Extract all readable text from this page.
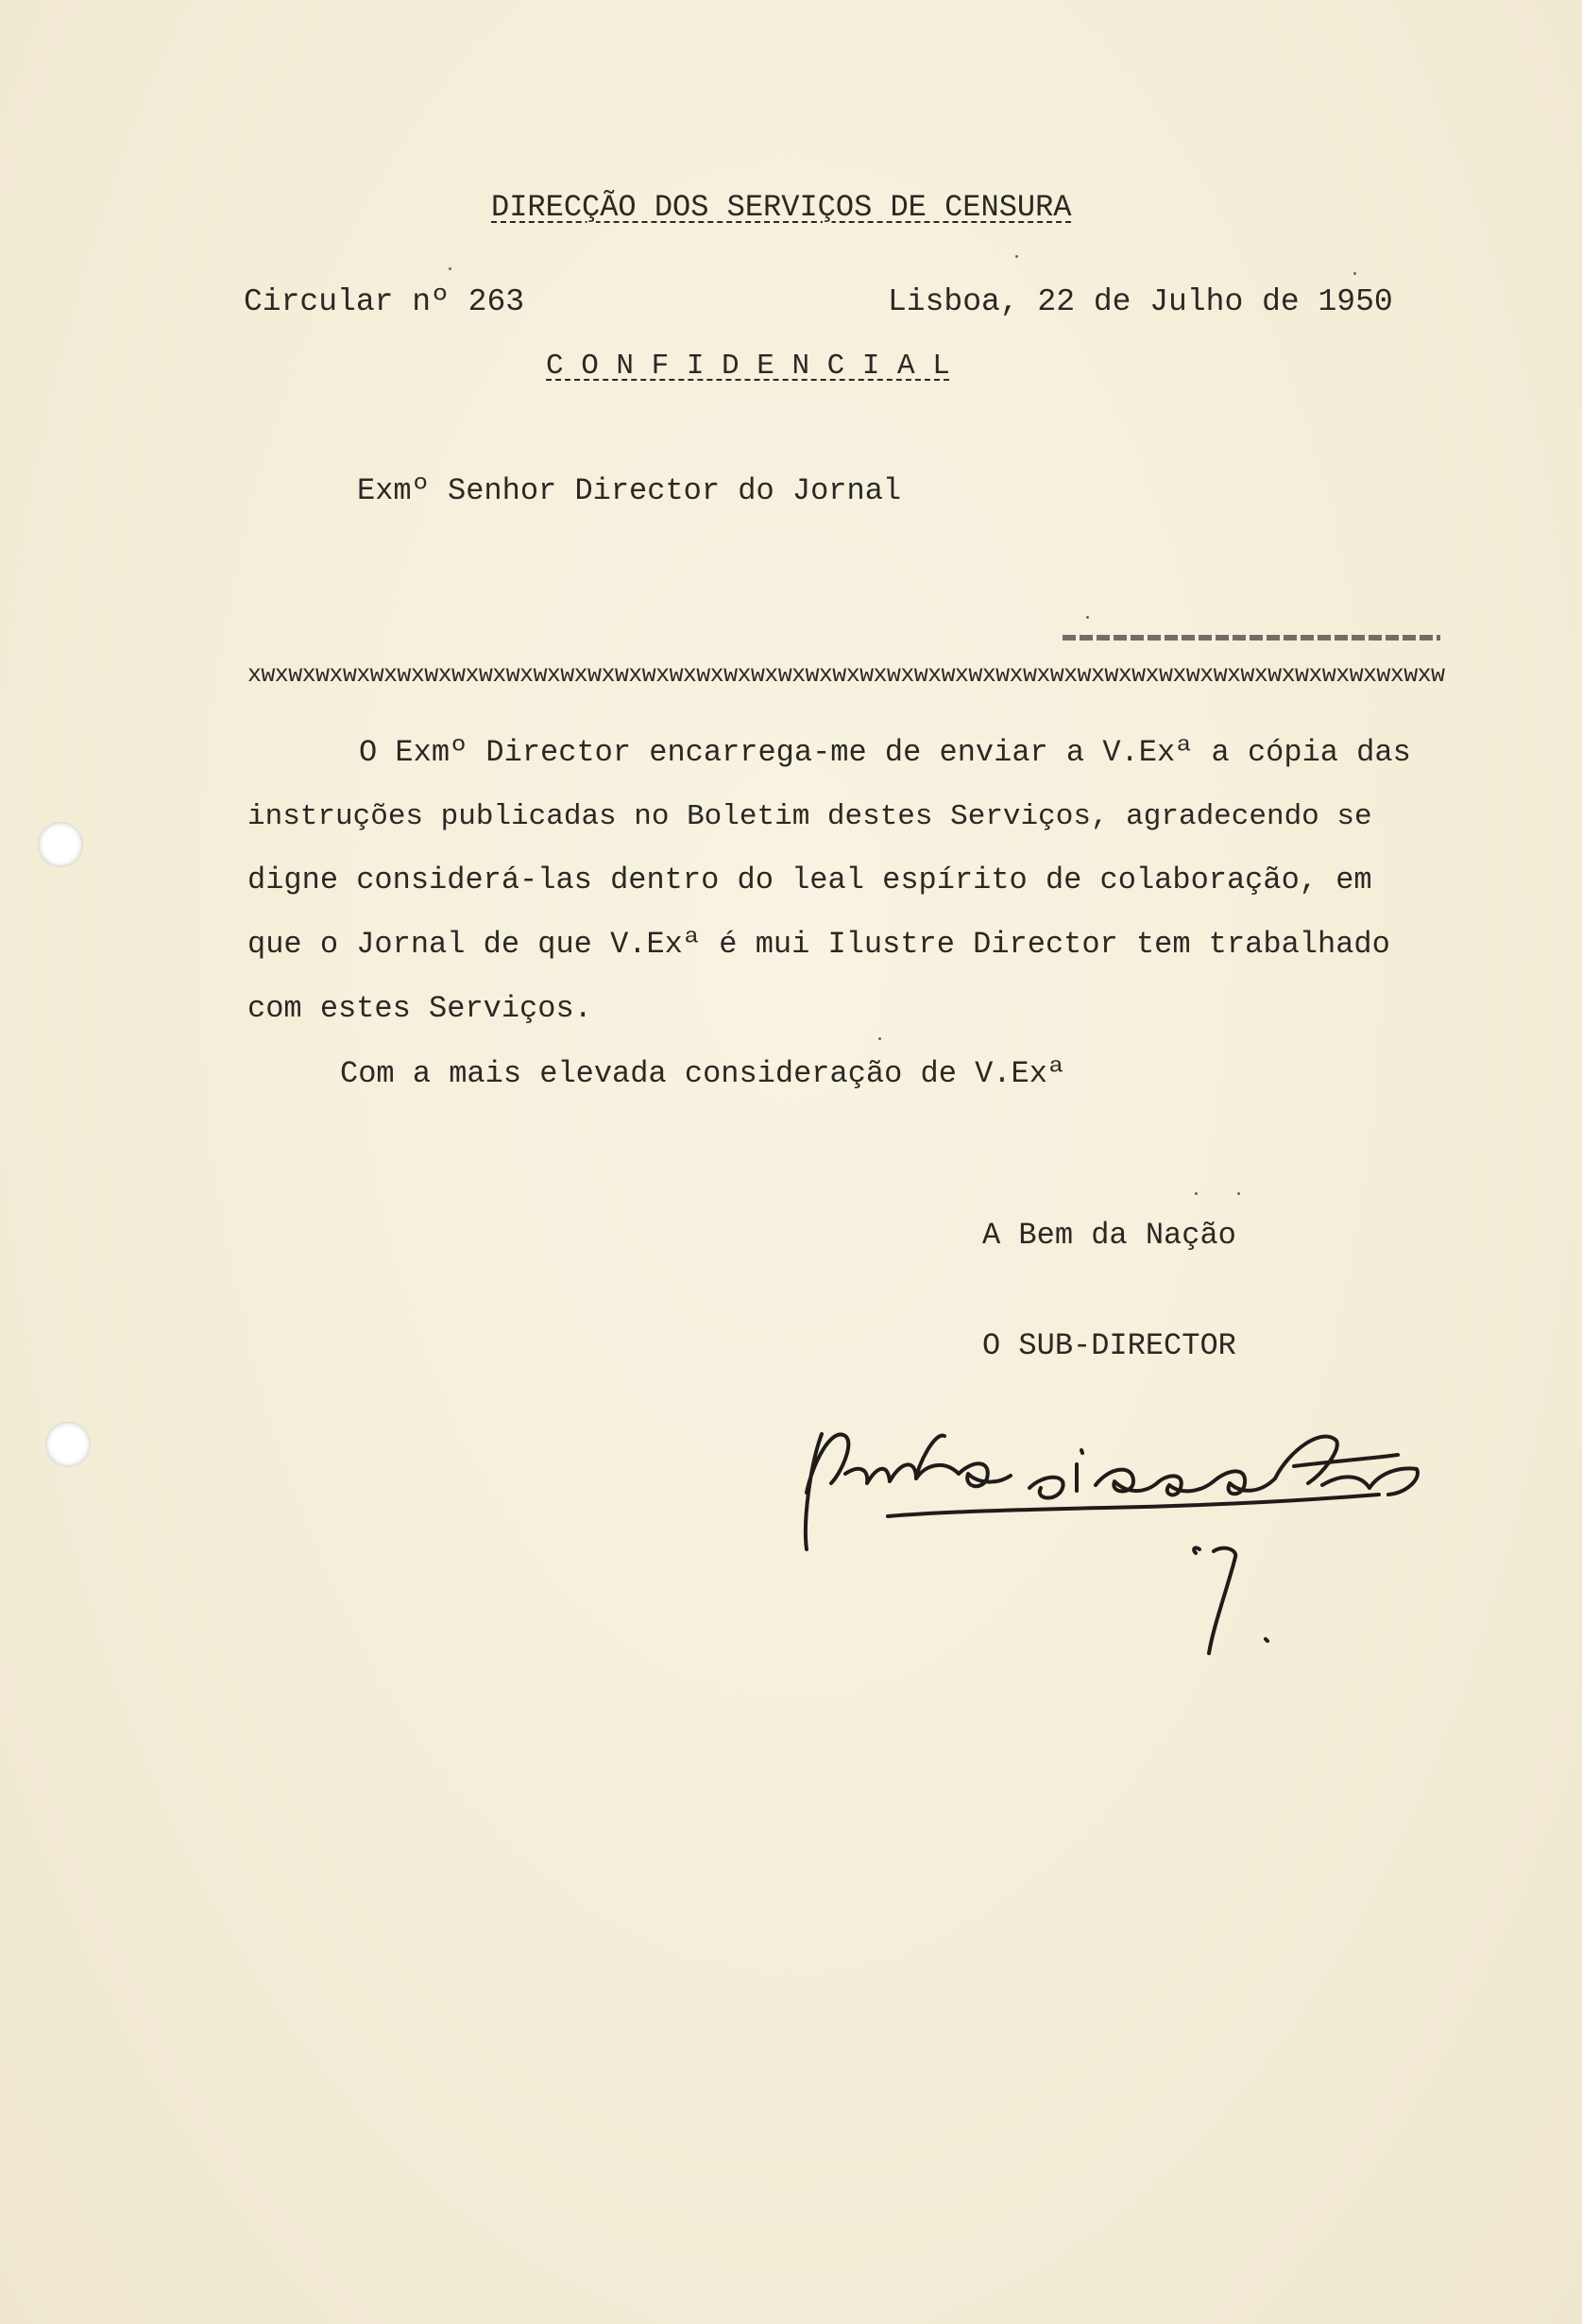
DIRECÇÃO DOS SERVIÇOS DE CENSURA
Circular nº 263	Lisboa, 22 de Julho de 1950
C O N F I D E N C I A L
Exmº Senhor Director do Jornal
xwxwxwxwxwxwxwxwxwxwxwxwxwxwxwxwxwxwxwxwxwxwxwxwxwxwxwxwxwxwxwxwxwxwxwxwxwxwxwxwxwxwxwxw
O Exmº Director encarrega-me de enviar a V.Exª a cópia das
instruções publicadas no Boletim destes Serviços, agradecendo se
digne considerá-las dentro do leal espírito de colaboração, em
que o Jornal de que V.Exª é mui Ilustre Director tem trabalhado
com estes Serviços.
Com a mais elevada consideração de V.Exª
A Bem da Nação
O SUB-DIRECTOR
